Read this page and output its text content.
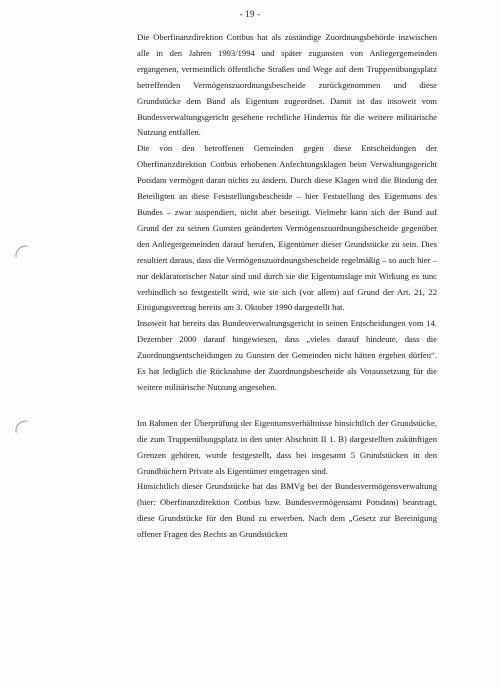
- 19 -

Die Oberfinanzdirektion Cottbus hat als zuständige Zuordnungsbehörde inzwischen alle in den Jahren 1993/1994 und später zugunsten von Anliegergemeinden ergangenen, vermeintlich öffentliche Straßen und Wege auf dem Truppenübungsplatz betreffenden Vermögenszuordnungsbescheide zurückgenommen und diese Grundstücke dem Bund als Eigentum zugeordnet. Damit ist das insoweit vom Bundesverwaltungsgericht gesehene rechtliche Hindernis für die weitere militärische Nutzung entfallen.

Die von den betroffenen Gemeinden gegen diese Entscheidungen der Oberfinanzdirektion Cottbus erhobenen Anfechtungsklagen beim Verwaltungsgericht Potsdam vermögen daran nichts zu ändern. Durch diese Klagen wird die Bindung der Beteiligten an diese Feststellungsbescheide – hier Feststellung des Eigentums des Bundes – zwar suspendiert, nicht aber beseitigt. Vielmehr kann sich der Bund auf Grund der zu seinen Gunsten geänderten Vermögenszuordnungsbescheide gegenüber den Anliegergemeinden darauf berufen, Eigentümer dieser Grundstücke zu sein. Dies resultiert daraus, dass die Vermögenszuordnungsbescheide regelmäßig – so auch hier – nur deklaratorischer Natur sind und durch sie die Eigentumslage mit Wirkung ex tunc verbindlich so festgestellt wird, wie sie sich (vor allem) auf Grund der Art. 21, 22 Einigungsvertrag bereits am 3. Oktober 1990 dargestellt hat.

Insoweit hat bereits das Bundesverwaltungsgericht in seinen Entscheidungen vom 14. Dezember 2000 darauf hingewiesen, dass „vieles darauf hindeute, dass die Zuordnungsentscheidungen zu Gunsten der Gemeinden nicht hätten ergehen dürfen“. Es hat lediglich die Rücknahme der Zuordnungsbescheide als Voraussetzung für die weitere militärische Nutzung angesehen.

Im Rahmen der Überprüfung der Eigentumsverhältnisse hinsichtlich der Grundstücke, die zum Truppenübungsplatz in den unter Abschnitt II 1. B) dargestellten zukünftigen Grenzen gehören, wurde festgestellt, dass bei insgesamt 5 Grundstücken in den Grundbüchern Private als Eigentümer eingetragen sind.

Hinsichtlich dieser Grundstücke hat das BMVg bei der Bundesvermögensverwaltung (hier: Oberfinanzdirektion Cottbus bzw. Bundesvermögensamt Potsdam) beantragt, diese Grundstücke für den Bund zu erwerben. Nach dem „Gesetz zur Bereinigung offener Fragen des Rechts an Grundstücken
